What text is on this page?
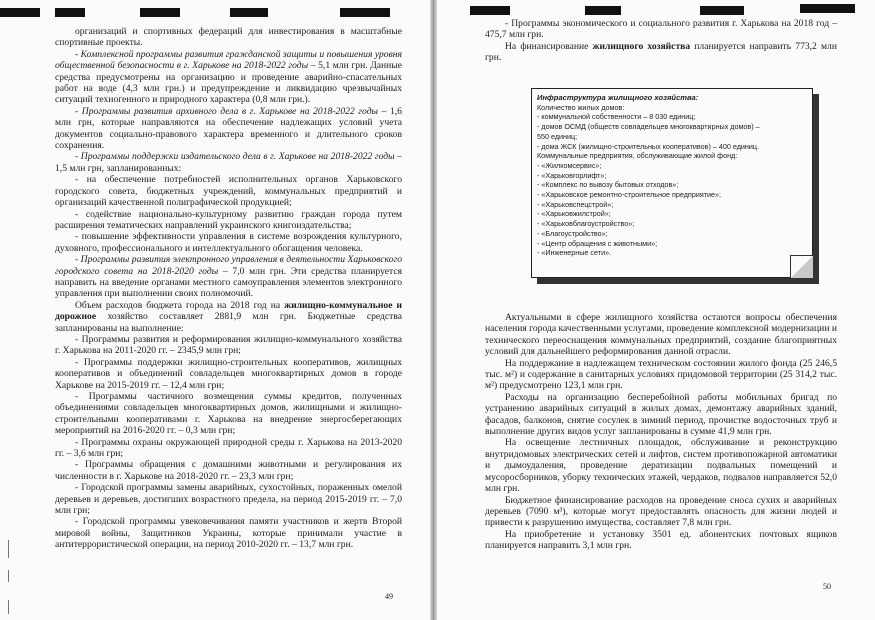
организаций и спортивных федераций для инвестирования в масштабные спортивные проекты.

- Комплексной программы развития гражданской защиты и повышения уровня общественной безопасности в г. Харькове на 2018-2022 годы – 5,1 млн грн. Данные средства предусмотрены на организацию и проведение аварийно-спасательных работ на воде (4,3 млн грн.) и предупреждение и ликвидацию чрезвычайных ситуаций техногенного и природного характера (0,8 млн грн.).

- Программы развития архивного дела в г. Харькове на 2018-2022 годы – 1,6 млн грн, которые направляются на обеспечение надлежащих условий учета документов социально-правового характера временного и длительного сроков сохранения.

- Программы поддержки издательского дела в г. Харькове на 2018-2022 годы – 1,5 млн грн, запланированных:

- на обеспечение потребностей исполнительных органов Харьковского городского совета, бюджетных учреждений, коммунальных предприятий и организаций качественной полиграфической продукцией;

- содействие национально-культурному развитию граждан города путем расширения тематических направлений украинского книгоиздательства;

- повышение эффективности управления в системе возрождения культурного, духовного, профессионального и интеллектуального обогащения человека.

- Программы развития электронного управления в деятельности Харьковского городского совета на 2018-2020 годы – 7,0 млн грн. Эти средства планируется направить на введение органами местного самоуправления элементов электронного управления при выполнении своих полномочий.

Объем расходов бюджета города на 2018 год на жилищно-коммунальное и дорожное хозяйство составляет 2881,9 млн грн. Бюджетные средства запланированы на выполнение:

- Программы развития и реформирования жилищно-коммунального хозяйства г. Харькова на 2011-2020 гг. – 2345,9 млн грн;

- Программы поддержки жилищно-строительных кооперативов, жилищных кооперативов и объединений совладельцев многоквартирных домов в городе Харькове на 2015-2019 гг. – 12,4 млн грн;

- Программы частичного возмещения суммы кредитов, полученных объединениями совладельцев многоквартирных домов, жилищными и жилищно-строительными кооперативами г. Харькова на внедрение энергосберегающих мероприятий на 2016-2020 гг. – 0,3 млн грн;

- Программы охраны окружающей природной среды г. Харькова на 2013-2020 гг. – 3,6 млн грн;

- Программы обращения с домашними животными и регулирования их численности в г. Харькове на 2018-2020 гг. – 23,3 млн грн;

- Городской программы замены аварийных, сухостойных, пораженных омелой деревьев и деревьев, достигших возрастного предела, на период 2015-2019 гг. – 7,0 млн грн;

- Городской программы увековечивания памяти участников и жертв Второй мировой войны, Защитников Украины, которые принимали участие в антитеррористической операции, на период 2010-2020 гг. – 13,7 млн грн.

49

- Программы экономического и социального развития г. Харькова на 2018 год – 475,7 млн грн.

На финансирование жилищного хозяйства планируется направить 773,2 млн грн.

Инфраструктура жилищного хозяйства:
Количество жилых домов:
- коммунальной собственности – 8 030 единиц;
- домов ОСМД (обществ совладельцев многоквартирных домов) –
550 единиц;
- дома ЖСК (жилищно-строительных кооперативов) – 400 единиц.
Коммунальные предприятия, обслуживающие жилой фонд:
- «Жилкомсервис»;
- «Харьковгорлифт»;
- «Комплекс по вывозу бытовых отходов»;
- «Харьковское ремонтно-строительное предприятие»;
- «Харьковспецстрой»;
- «Харьковжилстрой»;
- «Харьковблагоустройство»;
- «Благоустройство»;
- «Центр обращения с животными»;
- «Инженерные сети».

Актуальными в сфере жилищного хозяйства остаются вопросы обеспечения населения города качественными услугами, проведение комплексной модернизации и технического переоснащения коммунальных предприятий, создание благоприятных условий для дальнейшего реформирования данной отрасли.

На поддержание в надлежащем техническом состоянии жилого фонда (25 246,5 тыс. м²) и содержание в санитарных условиях придомовой территории (25 314,2 тыс. м²) предусмотрено 123,1 млн грн.

Расходы на организацию бесперебойной работы мобильных бригад по устранению аварийных ситуаций в жилых домах, демонтажу аварийных зданий, фасадов, балконов, снятие сосулек в зимний период, прочистке водосточных труб и выполнение других видов услуг запланированы в сумме 41,9 млн грн.

На освещение лестничных площадок, обслуживание и реконструкцию внутридомовых электрических сетей и лифтов, систем противопожарной автоматики и дымоудаления, проведение дератизации подвальных помещений и мусоросборников, уборку технических этажей, чердаков, подвалов направляется 52,0 млн грн.

Бюджетное финансирование расходов на проведение сноса сухих и аварийных деревьев (7090 м³), которые могут предоставлять опасность для жизни людей и привести к разрушению имущества, составляет 7,8 млн грн.

На приобретение и установку 3501 ед. абонентских почтовых ящиков планируется направить 3,1 млн грн.

50
